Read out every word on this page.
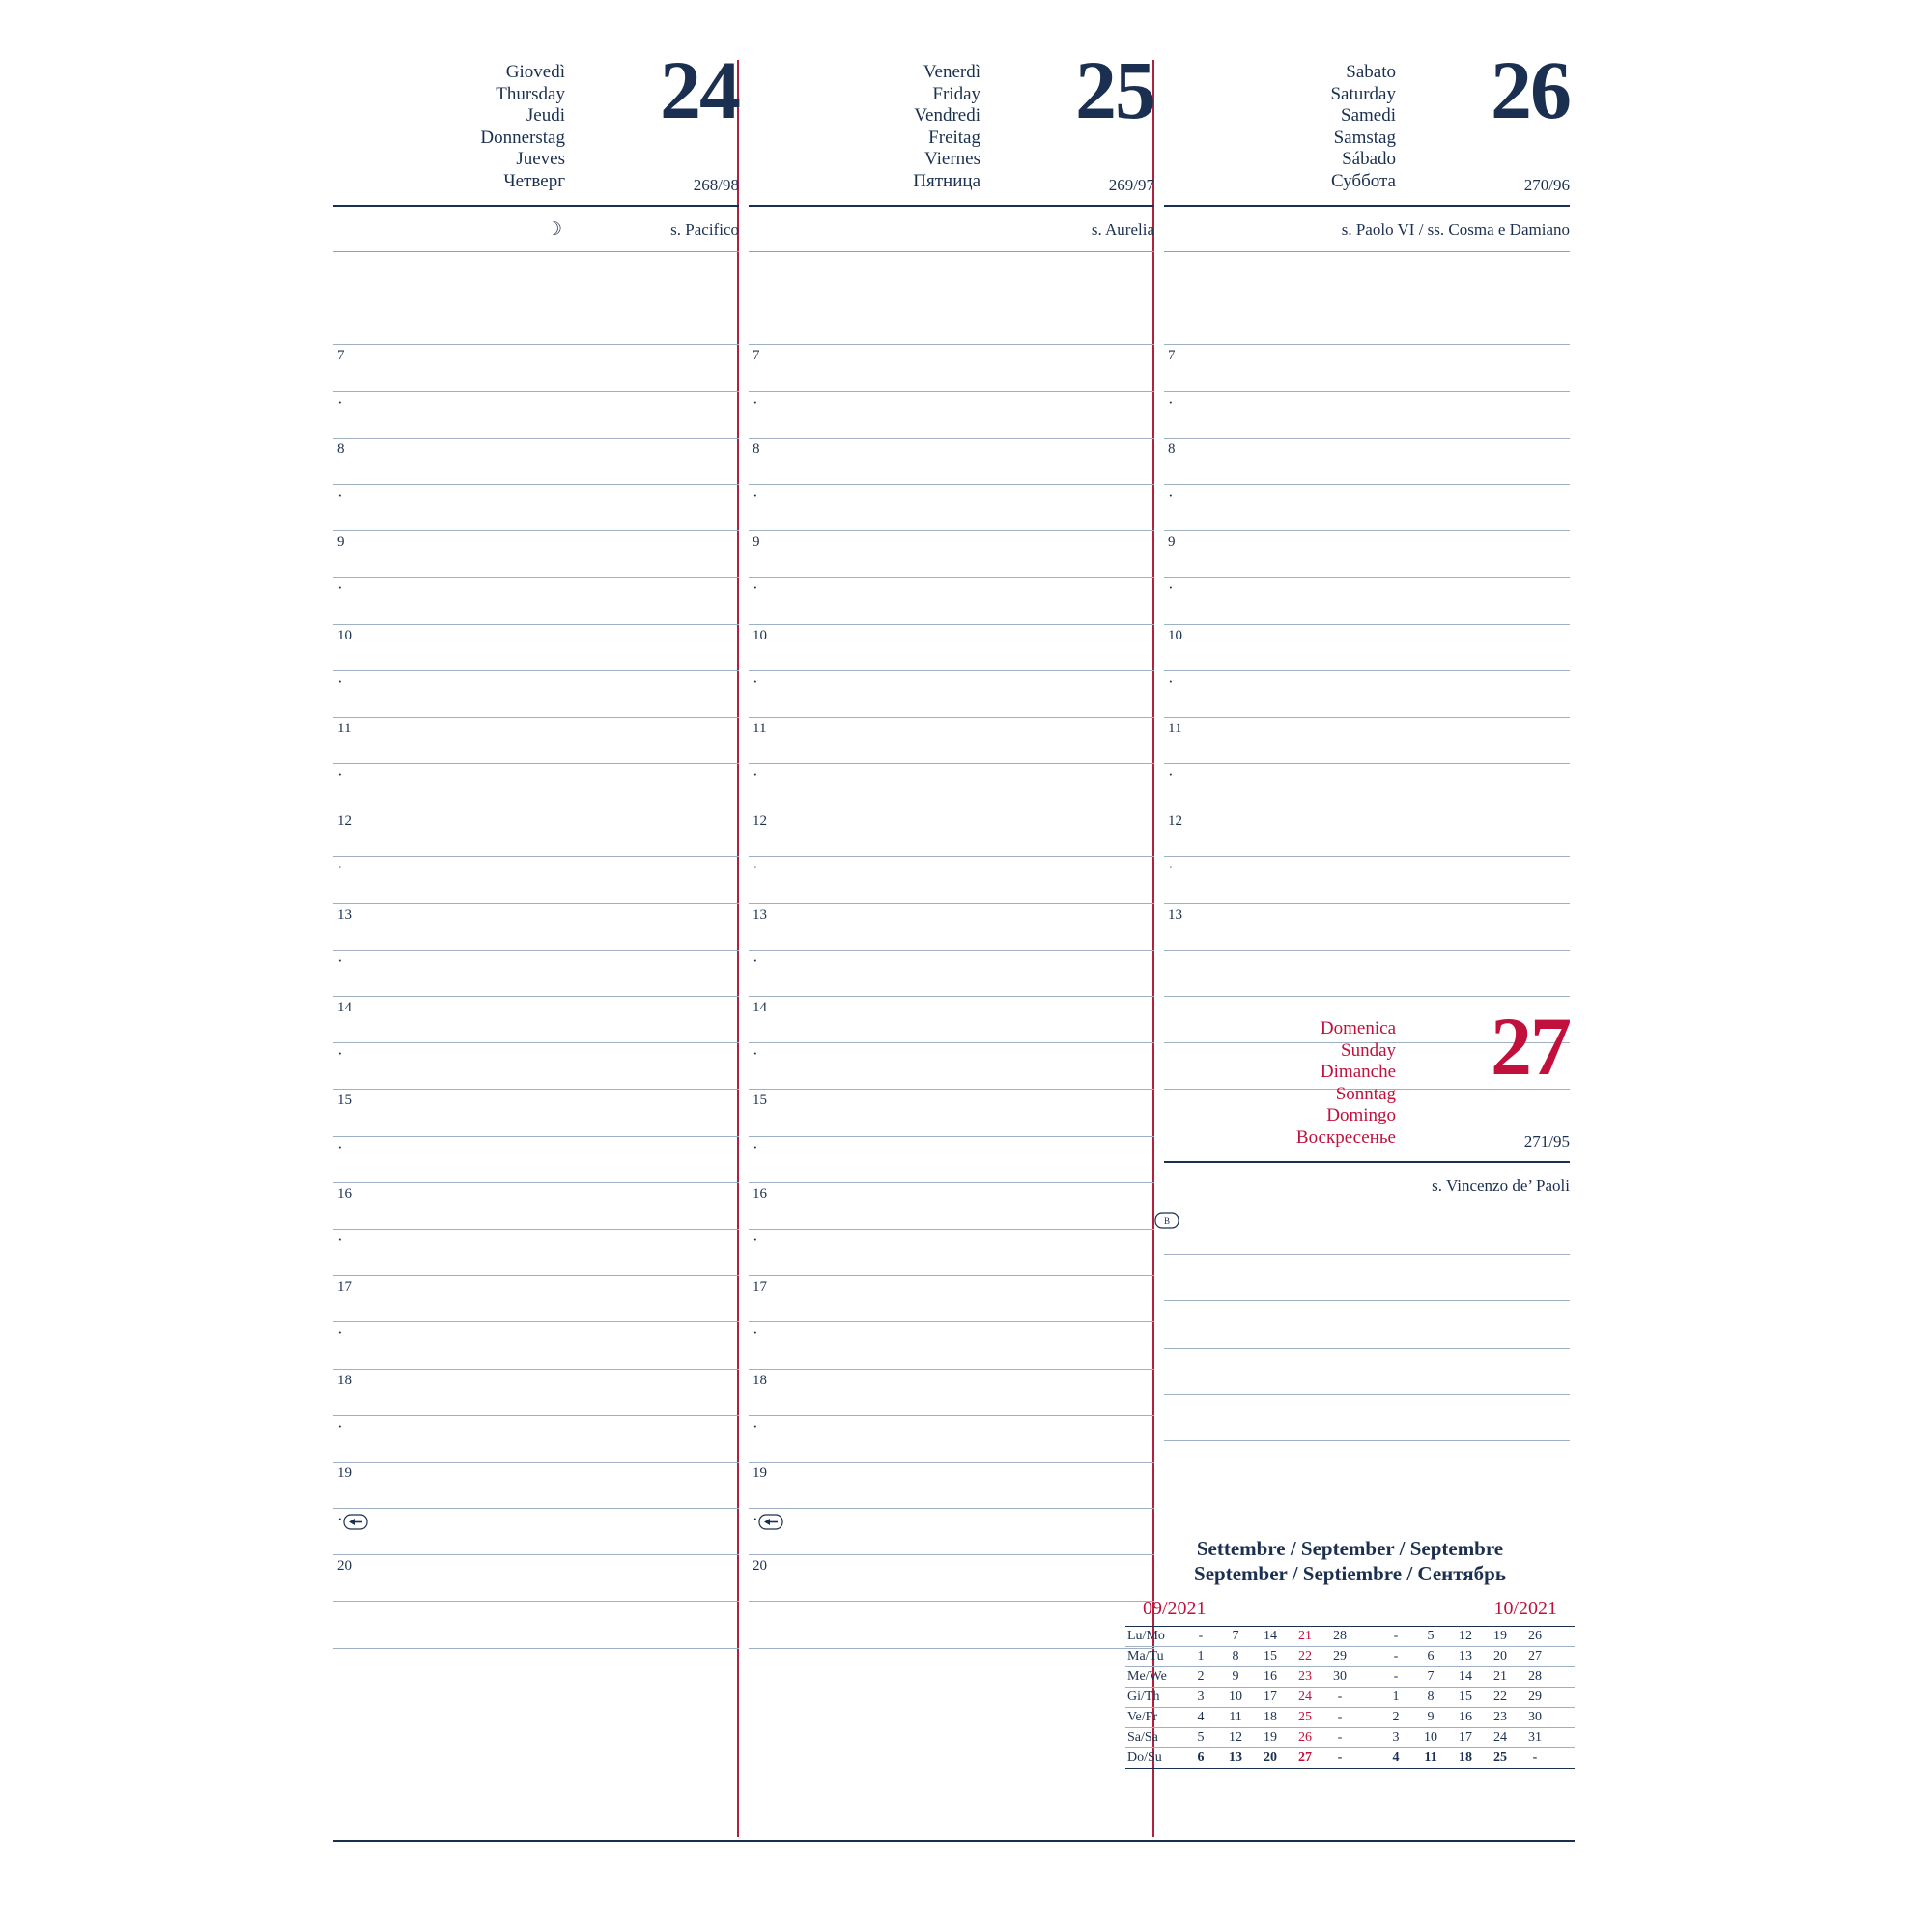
Giovedì
Thursday
Jeudi
Donnerstag
Jueves
Четверг
24
268/98
☽	s. Pacifico
7
·
8
·
9
·
10
·
11
·
12
·
13
·
14
·
15
·
16
·
17
·
18
·
19
·
20
Venerdì
Friday
Vendredi
Freitag
Viernes
Пятница
25
269/97
s. Aurelia
7
·
8
·
9
·
10
·
11
·
12
·
13
·
14
·
15
·
16
·
17
·
18
·
19
·
20
Sabato
Saturday
Samedi
Samstag
Sábado
Суббота
26
270/96
s. Paolo VI / ss. Cosma e Damiano
7
·
8
·
9
·
10
·
11
·
12
·
13
Domenica
Sunday
Dimanche
Sonntag
Domingo
Воскресенье
27
271/95
s. Vincenzo de’ Paoli
B
Settembre / September / Septembre
September / Septiembre / Сентябрь
09/2021	10/2021
Lu/Mo	-	7	14	21	28	-	5	12	19	26
Ma/Tu	1	8	15	22	29	-	6	13	20	27
Me/We	2	9	16	23	30	-	7	14	21	28
Gi/Th	3	10	17	24	-	1	8	15	22	29
Ve/Fr	4	11	18	25	-	2	9	16	23	30
Sa/Sa	5	12	19	26	-	3	10	17	24	31
Do/Su	6	13	20	27	-	4	11	18	25	-
